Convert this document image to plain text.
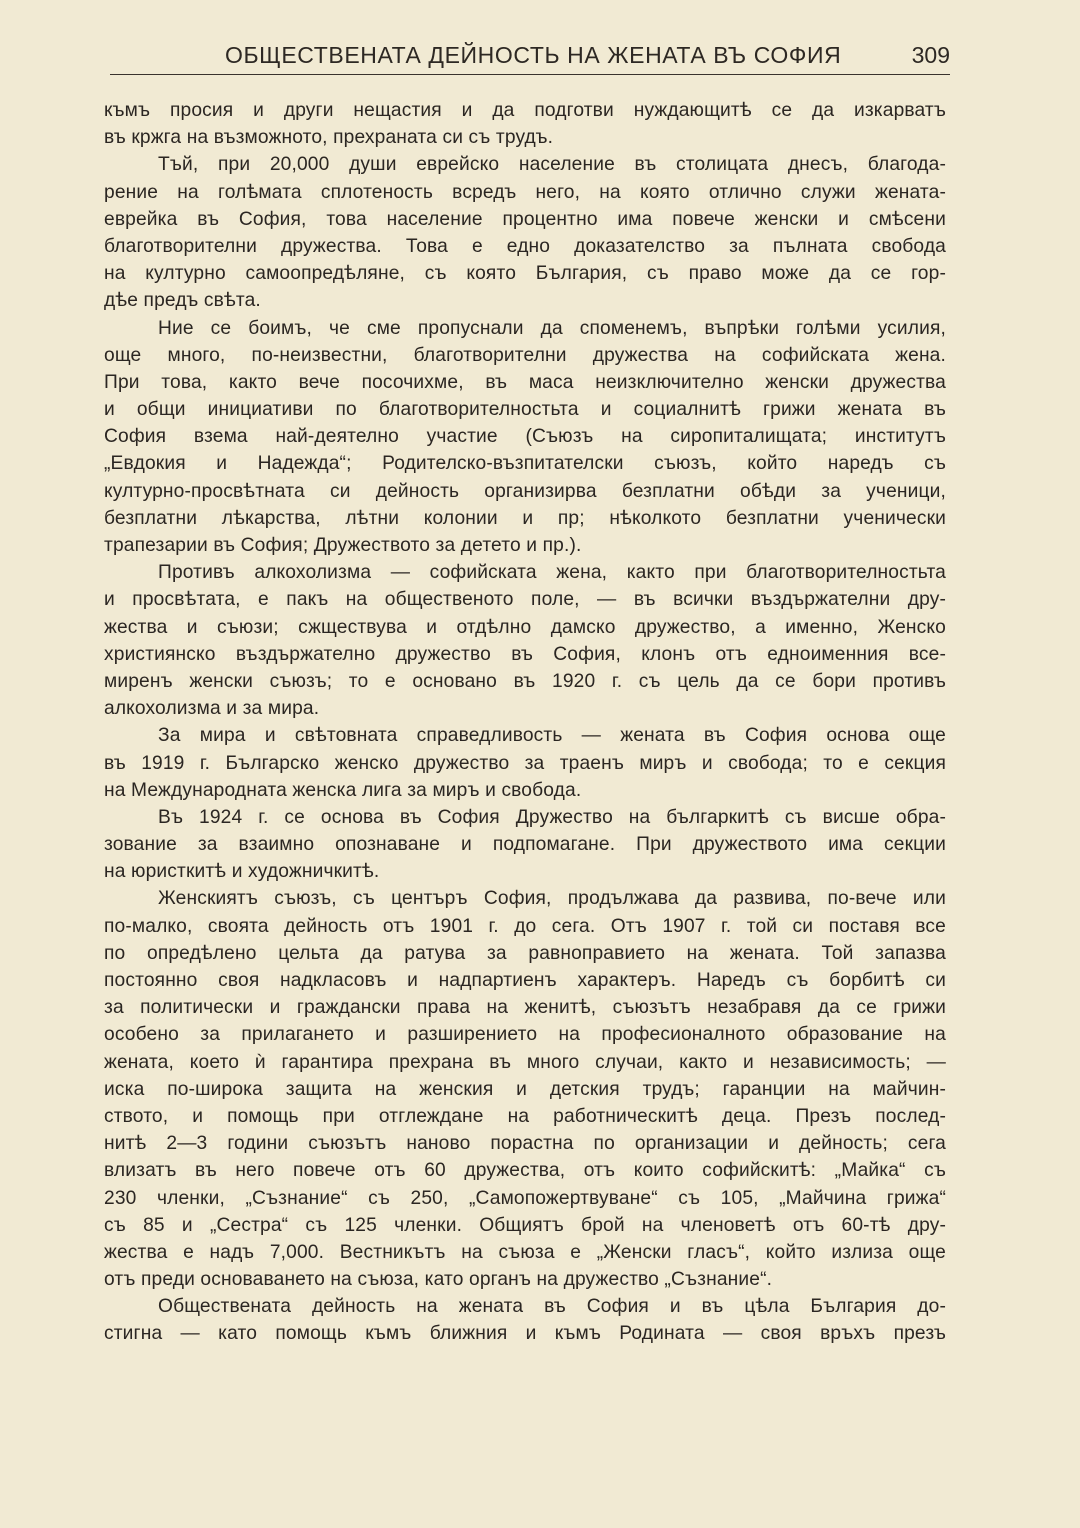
ОБЩЕСТВЕНАТА ДЕЙНОСТЬ НА ЖЕНАТА ВЪ СОФИЯ	309
къмъ просия и други нещастия и да подготви нуждающитѣ се да изкарватъ
въ кржга на възможното, прехраната си съ трудъ.
Тъй, при 20,000 души еврейско население въ столицата днесъ, благода-
рение на голѣмата сплотеность всредъ него, на която отлично служи жената-
еврейка въ София, това население процентно има повече женски и смѣсени
благотворителни дружества. Това е едно доказателство за пълната свобода
на културно самоопредѣляне, съ която България, съ право може да се гор-
дѣе предъ свѣта.
Ние се боимъ, че сме пропуснали да споменемъ, въпрѣки голѣми усилия,
още много, по-неизвестни, благотворителни дружества на софийската жена.
При това, както вече посочихме, въ маса неизключително женски дружества
и общи инициативи по благотворителностьта и социалнитѣ грижи жената въ
София взема най-деятелно участие (Съюзъ на сиропиталищата; институтъ
„Евдокия и Надежда“; Родителско-възпитателски съюзъ, който наредъ съ
културно-просвѣтната си дейность организирва безплатни обѣди за ученици,
безплатни лѣкарства, лѣтни колонии и пр; нѣколкото безплатни ученически
трапезарии въ София; Дружеството за детето и пр.).
Противъ алкохолизма — софийската жена, както при благотворителностьта
и просвѣтата, е пакъ на общественото поле, — въ всички въздържателни дру-
жества и съюзи; сжществува и отдѣлно дамско дружество, а именно, Женско
християнско въздържателно дружество въ София, клонъ отъ едноименния все-
миренъ женски съюзъ; то е основано въ 1920 г. съ цель да се бори противъ
алкохолизма и за мира.
За мира и свѣтовната справедливость — жената въ София основа още
въ 1919 г. Българско женско дружество за траенъ миръ и свобода; то е секция
на Международната женска лига за миръ и свобода.
Въ 1924 г. се основа въ София Дружество на българкитѣ съ висше обра-
зование за взаимно опознаване и подпомагане. При дружеството има секции
на юристкитѣ и художничкитѣ.
Женскиятъ съюзъ, съ центъръ София, продължава да развива, по-вече или
по-малко, своята дейность отъ 1901 г. до сега. Отъ 1907 г. той си поставя все
по опредѣлено цельта да ратува за равноправието на жената. Той запазва
постоянно своя надкласовъ и надпартиенъ характеръ. Наредъ съ борбитѣ си
за политически и граждански права на женитѣ, съюзътъ незабравя да се грижи
особено за прилагането и разширението на професионалното образование на
жената, което ѝ гарантира прехрана въ много случаи, както и независимость; —
иска по-широка защита на женския и детския трудъ; гаранции на майчин-
ството, и помощь при отглеждане на работническитѣ деца. Презъ послед-
нитѣ 2—3 години съюзътъ наново порастна по организации и дейность; сега
влизатъ въ него повече отъ 60 дружества, отъ които софийскитѣ: „Майка“ съ
230 членки, „Съзнание“ съ 250, „Самопожертвуване“ съ 105, „Майчина грижа“
съ 85 и „Сестра“ съ 125 членки. Общиятъ брой на членоветѣ отъ 60-тѣ дру-
жества е надъ 7,000. Вестникътъ на съюза е „Женски гласъ“, който излиза още
отъ преди основаването на съюза, като органъ на дружество „Съзнание“.
Обществената дейность на жената въ София и въ цѣла България до-
стигна — като помощь къмъ ближния и къмъ Родината — своя връхъ презъ
